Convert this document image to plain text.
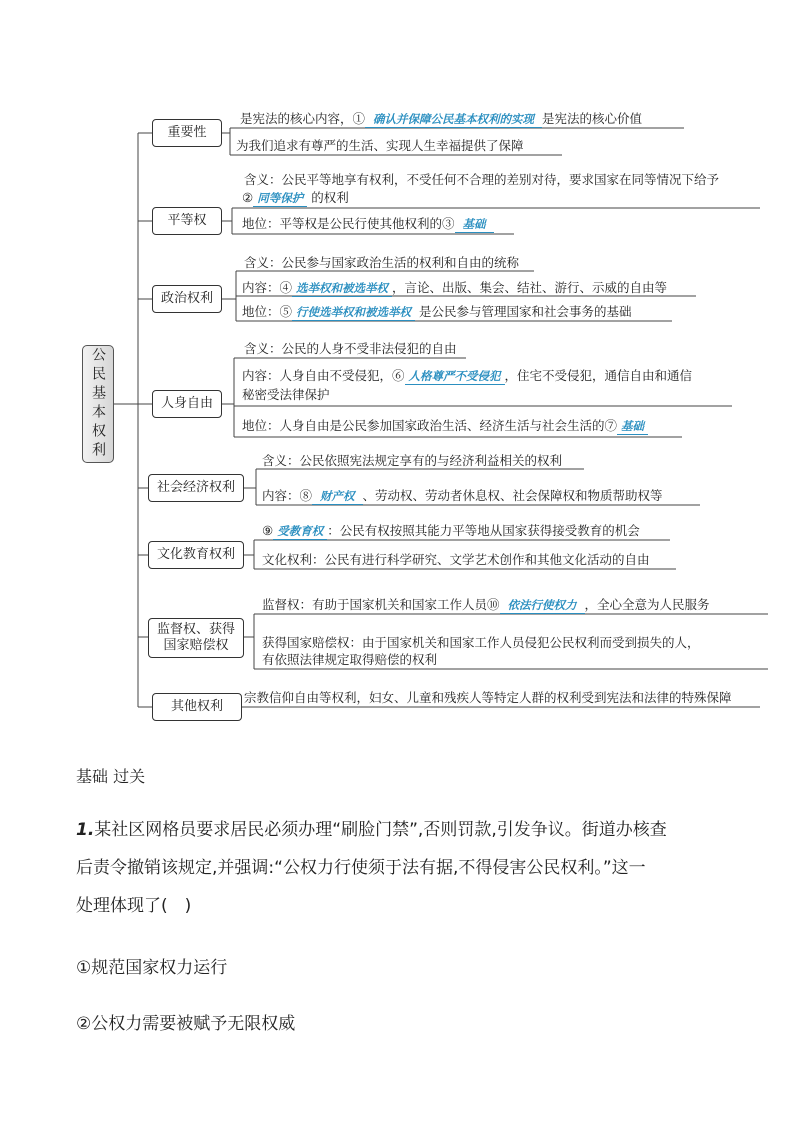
公民基本权利
重要性
平等权
政治权利
人身自由
社会经济权利
文化教育权利
监督权、获得国家赔偿权
其他权利
是宪法的核心内容，① 确认并保障公民基本权利的实现 是宪法的核心价值
为我们追求有尊严的生活、实现人生幸福提供了保障
含义：公民平等地享有权利，不受任何不合理的差别对待，要求国家在同等情况下给予
② 同等保护 的权利
地位：平等权是公民行使其他权利的③ 基础
含义：公民参与国家政治生活的权利和自由的统称
内容：④ 选举权和被选举权 ，言论、出版、集会、结社、游行、示威的自由等
地位：⑤ 行使选举权和被选举权 是公民参与管理国家和社会事务的基础
含义：公民的人身不受非法侵犯的自由
内容：人身自由不受侵犯，⑥ 人格尊严不受侵犯 ，住宅不受侵犯，通信自由和通信
秘密受法律保护
地位：人身自由是公民参加国家政治生活、经济生活与社会生活的⑦ 基础
含义：公民依照宪法规定享有的与经济利益相关的权利
内容：⑧ 财产权 、劳动权、劳动者休息权、社会保障权和物质帮助权等
⑨ 受教育权 ：公民有权按照其能力平等地从国家获得接受教育的机会
文化权利：公民有进行科学研究、文学艺术创作和其他文化活动的自由
监督权：有助于国家机关和国家工作人员⑩ 依法行使权力 ，全心全意为人民服务
获得国家赔偿权：由于国家机关和国家工作人员侵犯公民权利而受到损失的人，
有依照法律规定取得赔偿的权利
宗教信仰自由等权利，妇女、儿童和残疾人等特定人群的权利受到宪法和法律的特殊保障
基础 过关
1.某社区网格员要求居民必须办理“刷脸门禁”,否则罚款,引发争议。街道办核查
后责令撤销该规定,并强调:“公权力行使须于法有据,不得侵害公民权利。”这一
处理体现了(　)
①规范国家权力运行
②公权力需要被赋予无限权威
